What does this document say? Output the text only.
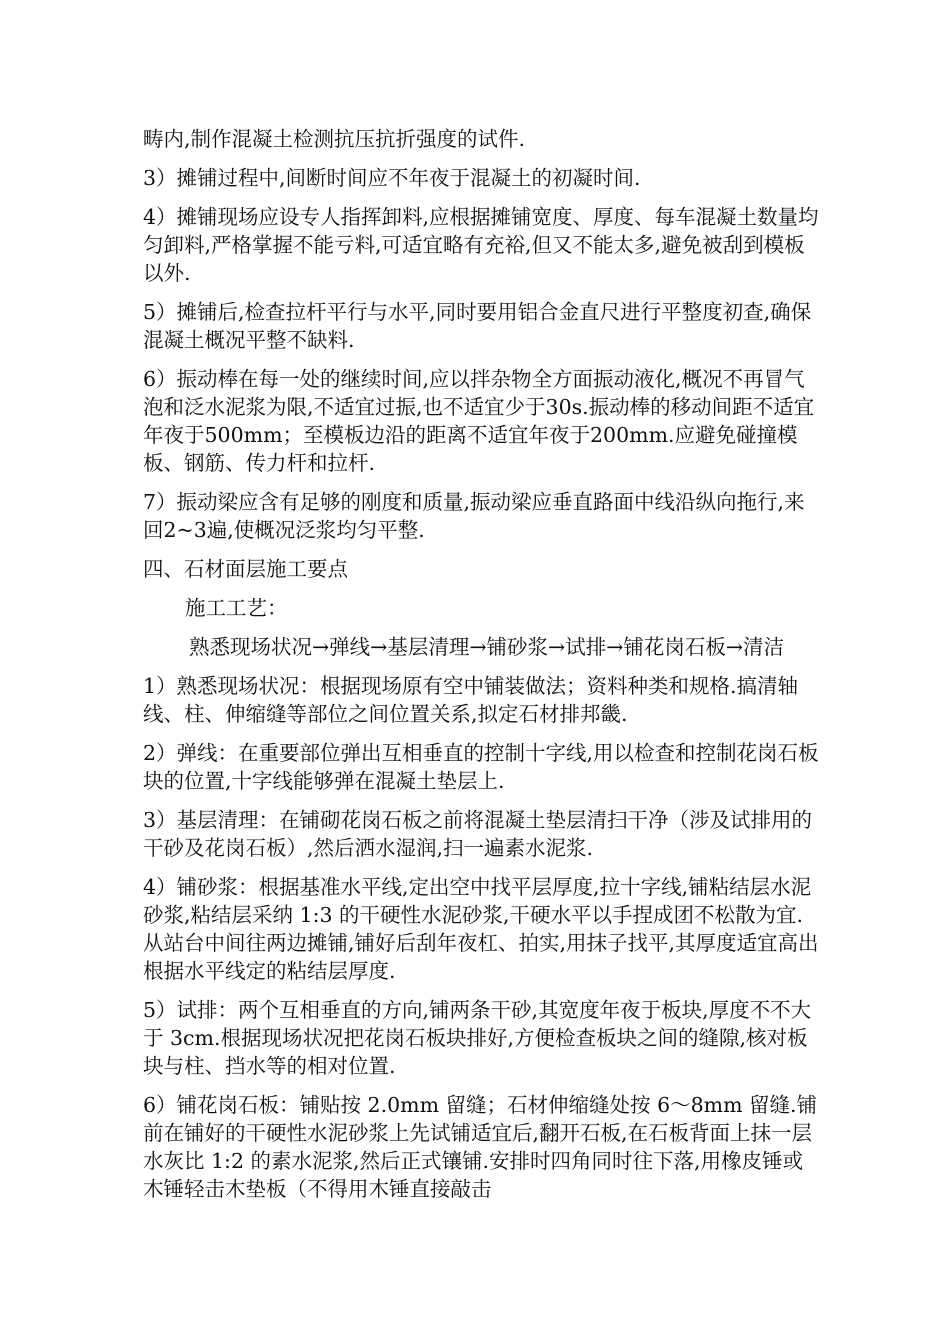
畴内,制作混凝土检测抗压抗折强度的试件.

3）摊铺过程中,间断时间应不年夜于混凝土的初凝时间.

4）摊铺现场应设专人指挥卸料,应根据摊铺宽度、厚度、每车混凝土数量均匀卸料,严格掌握不能亏料,可适宜略有充裕,但又不能太多,避免被刮到模板以外.

5）摊铺后,检查拉杆平行与水平,同时要用铝合金直尺进行平整度初查,确保混凝土概况平整不缺料.

6）振动棒在每一处的继续时间,应以拌杂物全方面振动液化,概况不再冒气泡和泛水泥浆为限,不适宜过振,也不适宜少于30s.振动棒的移动间距不适宜年夜于500mm；至模板边沿的距离不适宜年夜于200mm.应避免碰撞模板、钢筋、传力杆和拉杆.

7）振动梁应含有足够的刚度和质量,振动梁应垂直路面中线沿纵向拖行,来回2~3遍,使概况泛浆均匀平整.

四、石材面层施工要点

施工工艺：

熟悉现场状况→弹线→基层清理→铺砂浆→试排→铺花岗石板→清洁

1）熟悉现场状况：根据现场原有空中铺装做法；资料种类和规格.搞清轴线、柱、伸缩缝等部位之间位置关系,拟定石材排邦畿.

2）弹线：在重要部位弹出互相垂直的控制十字线,用以检查和控制花岗石板块的位置,十字线能够弹在混凝土垫层上.

3）基层清理：在铺砌花岗石板之前将混凝土垫层清扫干净（涉及试排用的干砂及花岗石板）,然后洒水湿润,扫一遍素水泥浆.

4）铺砂浆：根据基准水平线,定出空中找平层厚度,拉十字线,铺粘结层水泥砂浆,粘结层采纳 1:3 的干硬性水泥砂浆,干硬水平以手捏成团不松散为宜.从站台中间往两边摊铺,铺好后刮年夜杠、拍实,用抹子找平,其厚度适宜高出根据水平线定的粘结层厚度.

5）试排：两个互相垂直的方向,铺两条干砂,其宽度年夜于板块,厚度不不大于 3cm.根据现场状况把花岗石板块排好,方便检查板块之间的缝隙,核对板块与柱、挡水等的相对位置.

6）铺花岗石板：铺贴按 2.0mm 留缝；石材伸缩缝处按 6～8mm 留缝.铺前在铺好的干硬性水泥砂浆上先试铺适宜后,翻开石板,在石板背面上抹一层水灰比 1:2 的素水泥浆,然后正式镶铺.安排时四角同时往下落,用橡皮锤或木锤轻击木垫板（不得用木锤直接敲击
